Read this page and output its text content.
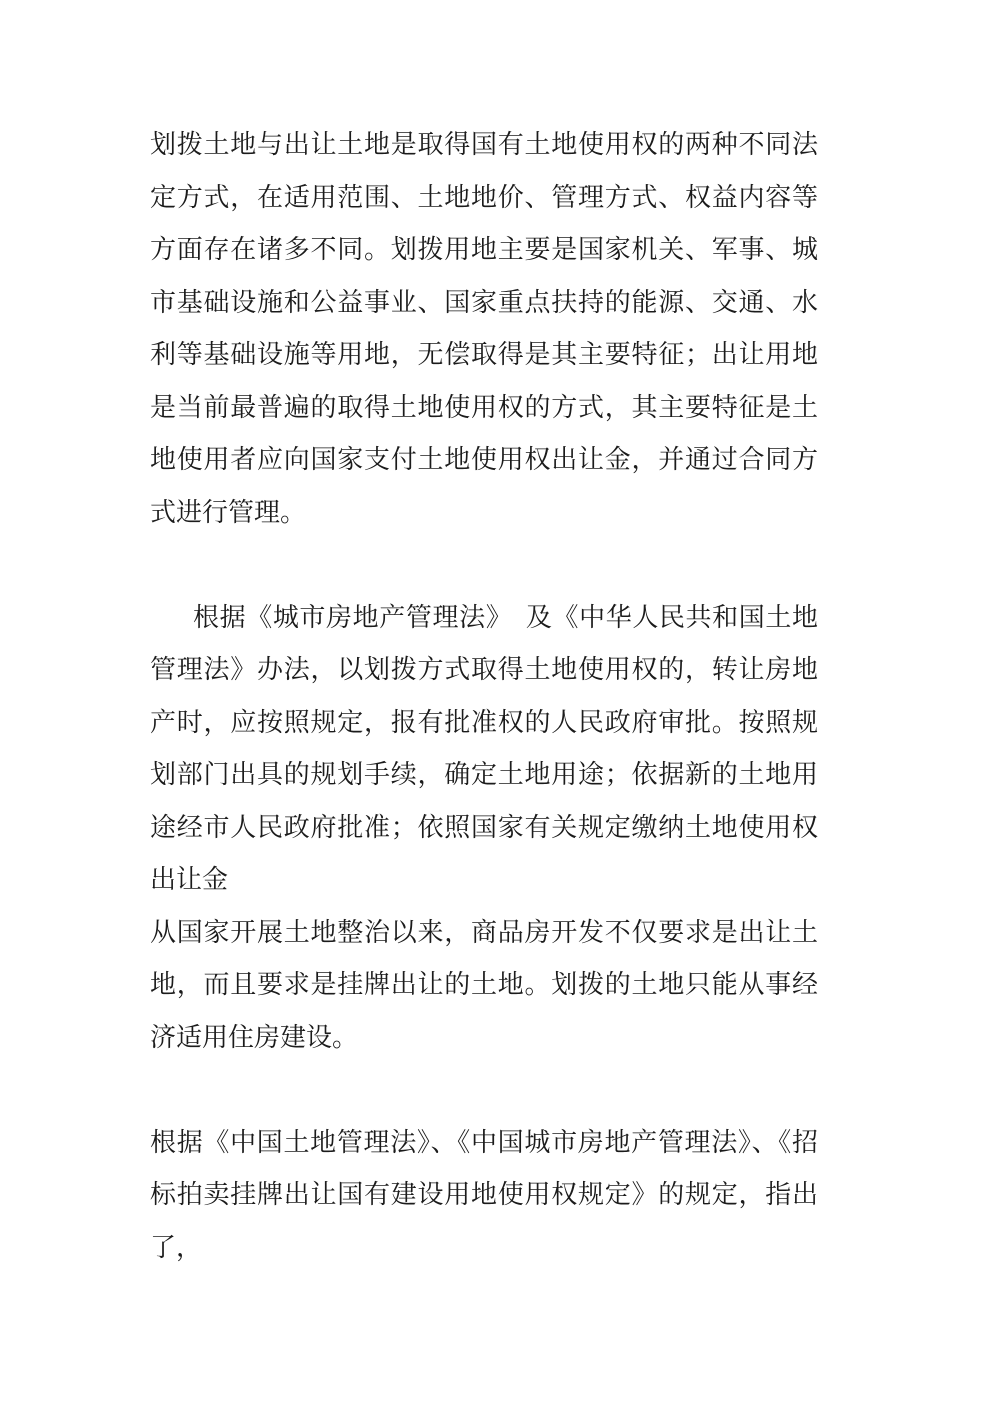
划拨土地与出让土地是取得国有土地使用权的两种不同法
定方式，在适用范围、土地地价、管理方式、权益内容等
方面存在诸多不同。划拨用地主要是国家机关、军事、城
市基础设施和公益事业、国家重点扶持的能源、交通、水
利等基础设施等用地，无偿取得是其主要特征；出让用地
是当前最普遍的取得土地使用权的方式，其主要特征是土
地使用者应向国家支付土地使用权出让金，并通过合同方
式进行管理。
根据《城市房地产管理法》　及《中华人民共和国土地
管理法》办法，以划拨方式取得土地使用权的，转让房地
产时，应按照规定，报有批准权的人民政府审批。按照规
划部门出具的规划手续，确定土地用途；依据新的土地用
途经市人民政府批准；依照国家有关规定缴纳土地使用权
出让金
从国家开展土地整治以来，商品房开发不仅要求是出让土
地，而且要求是挂牌出让的土地。划拨的土地只能从事经
济适用住房建设。
根据《中国土地管理法》、《中国城市房地产管理法》、《招
标拍卖挂牌出让国有建设用地使用权规定》的规定，指出
了，
